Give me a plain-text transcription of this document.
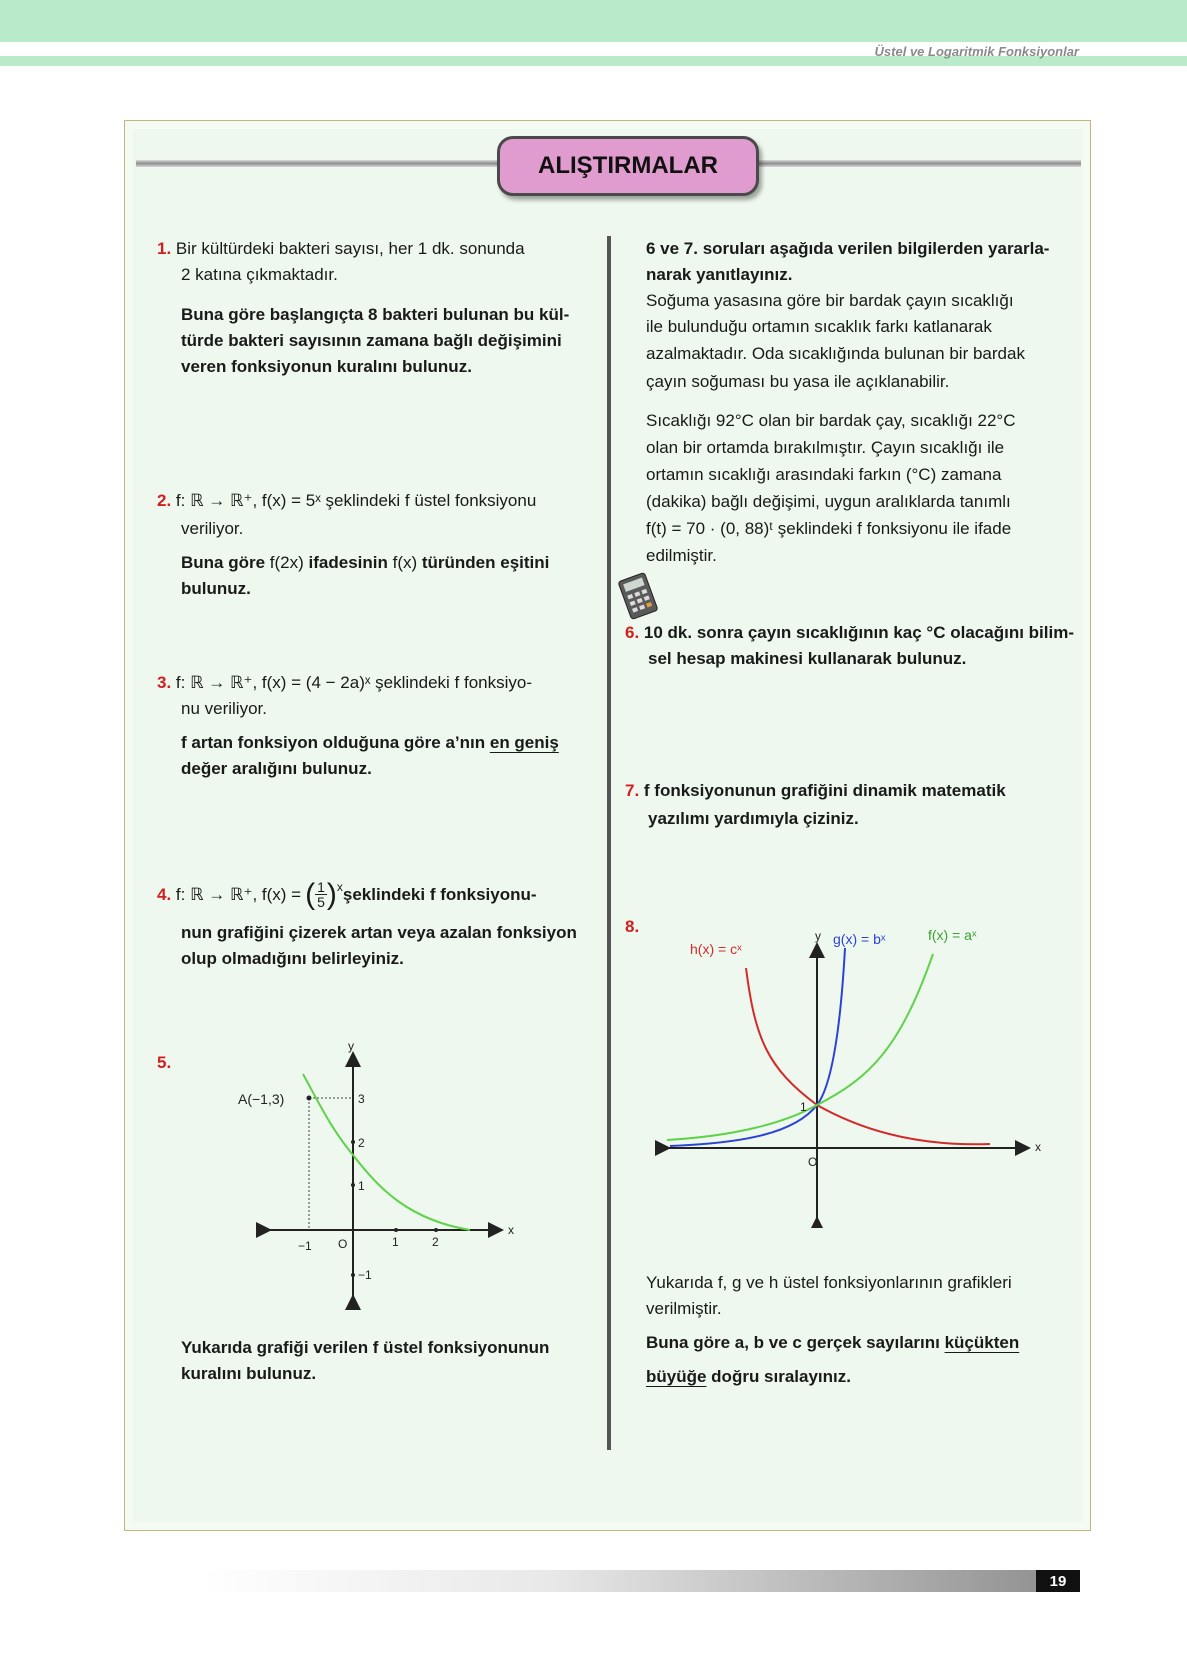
Üstel ve Logaritmik Fonksiyonlar
ALIŞTIRMALAR
1. Bir kültürdeki bakteri sayısı, her 1 dk. sonunda
2 katına çıkmaktadır.
Buna göre başlangıçta 8 bakteri bulunan bu kül-
türde bakteri sayısının zamana bağlı değişimini
veren fonksiyonun kuralını bulunuz.
2. f: ℝ → ℝ⁺, f(x) = 5ˣ şeklindeki f üstel fonksiyonu
veriliyor.
Buna göre f(2x) ifadesinin f(x) türünden eşitini
bulunuz.
3. f: ℝ → ℝ⁺, f(x) = (4 − 2a)ˣ şeklindeki f fonksiyo-
nu veriliyor.
f artan fonksiyon olduğuna göre a’nın en geniş
değer aralığını bulunuz.
4.
f: ℝ → ℝ⁺, f(x) = ( $\frac{1}{5} )^x$ şeklindeki f fonksiyonu-
nun grafiğini çizerek artan veya azalan fonksiyon
olup olmadığını belirleyiniz.
5.
A(−1,3)
y
x
O
−1	1	2
3
2
1
−1
Yukarıda grafiği verilen f üstel fonksiyonunun
kuralını bulunuz.
6 ve 7. soruları aşağıda verilen bilgilerden yararla-
narak yanıtlayınız.
Soğuma yasasına göre bir bardak çayın sıcaklığı
ile bulunduğu ortamın sıcaklık farkı katlanarak
azalmaktadır. Oda sıcaklığında bulunan bir bardak
çayın soğuması bu yasa ile açıklanabilir.
Sıcaklığı 92°C olan bir bardak çay, sıcaklığı 22°C
olan bir ortamda bırakılmıştır. Çayın sıcaklığı ile
ortamın sıcaklığı arasındaki farkın (°C) zamana
(dakika) bağlı değişimi, uygun aralıklarda tanımlı
f(t) = 70 · (0, 88)ᵗ şeklindeki f fonksiyonu ile ifade
edilmiştir.
6. 10 dk. sonra çayın sıcaklığının kaç °C olacağını bilim-
sel hesap makinesi kullanarak bulunuz.
7. f fonksiyonunun grafiğini dinamik matematik
yazılımı yardımıyla çiziniz.
8.
h(x) = cˣ
g(x) = bˣ	f(x) = aˣ
y
x
O
1
Yukarıda f, g ve h üstel fonksiyonlarının grafikleri
verilmiştir.
Buna göre a, b ve c gerçek sayılarını küçükten
büyüğe doğru sıralayınız.
19
